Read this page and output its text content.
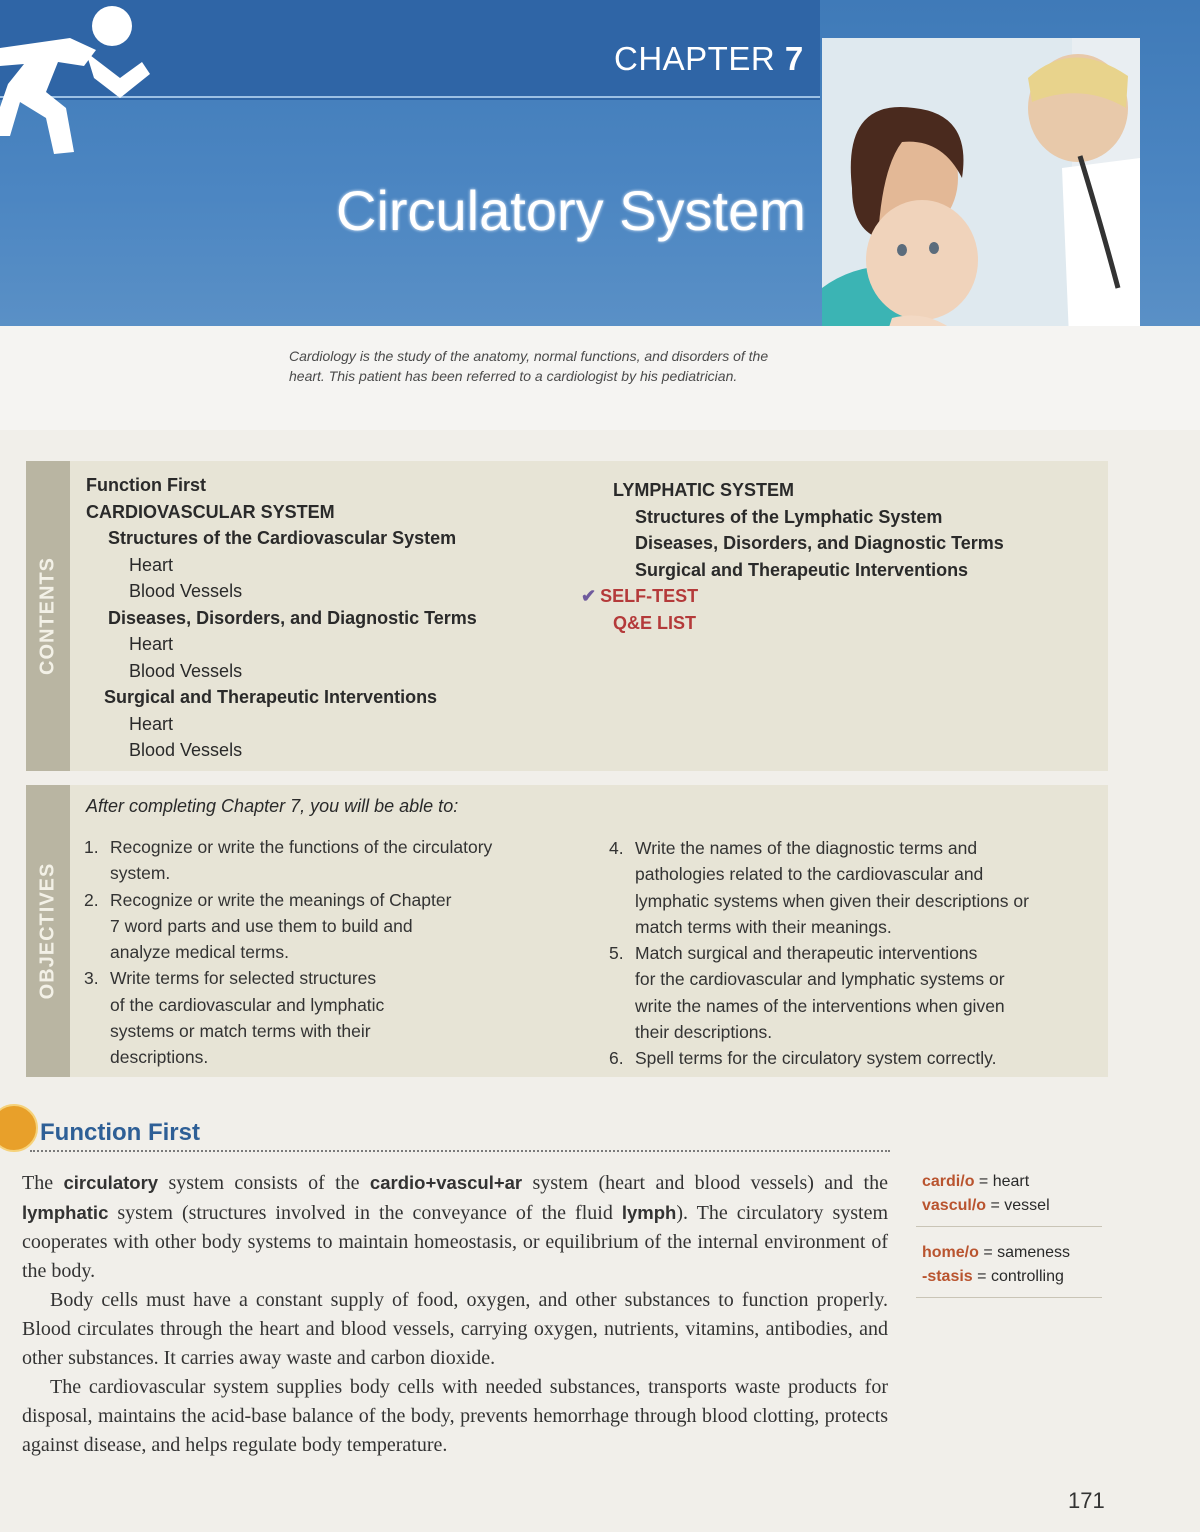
CHAPTER 7
Circulatory System
Cardiology is the study of the anatomy, normal functions, and disorders of the heart. This patient has been referred to a cardiologist by his pediatrician.
CONTENTS
Function First
CARDIOVASCULAR SYSTEM
Structures of the Cardiovascular System
Heart
Blood Vessels
Diseases, Disorders, and Diagnostic Terms
Heart
Blood Vessels
Surgical and Therapeutic Interventions
Heart
Blood Vessels
LYMPHATIC SYSTEM
Structures of the Lymphatic System
Diseases, Disorders, and Diagnostic Terms
Surgical and Therapeutic Interventions
✔ SELF-TEST
Q&E LIST
OBJECTIVES
After completing Chapter 7, you will be able to:
1. Recognize or write the functions of the circulatory
system.
2. Recognize or write the meanings of Chapter
7 word parts and use them to build and
analyze medical terms.
3. Write terms for selected structures
of the cardiovascular and lymphatic
systems or match terms with their
descriptions.
4. Write the names of the diagnostic terms and
pathologies related to the cardiovascular and
lymphatic systems when given their descriptions or
match terms with their meanings.
5. Match surgical and therapeutic interventions
for the cardiovascular and lymphatic systems or
write the names of the interventions when given
their descriptions.
6. Spell terms for the circulatory system correctly.
Function First

The circulatory system consists of the cardio+vascul+ar system (heart and blood vessels) and the lymphatic system (structures involved in the conveyance of the fluid lymph). The circulatory system cooperates with other body systems to maintain homeostasis, or equilibrium of the internal environment of the body.

Body cells must have a constant supply of food, oxygen, and other substances to function properly. Blood circulates through the heart and blood vessels, carrying oxygen, nutrients, vitamins, antibodies, and other substances. It carries away waste and carbon dioxide.

The cardiovascular system supplies body cells with needed substances, transports waste products for disposal, maintains the acid-base balance of the body, prevents hemorrhage through blood clotting, protects against disease, and helps regulate body temperature.

cardi/o = heart
vascul/o = vessel
home/o = sameness
-stasis = controlling
171
